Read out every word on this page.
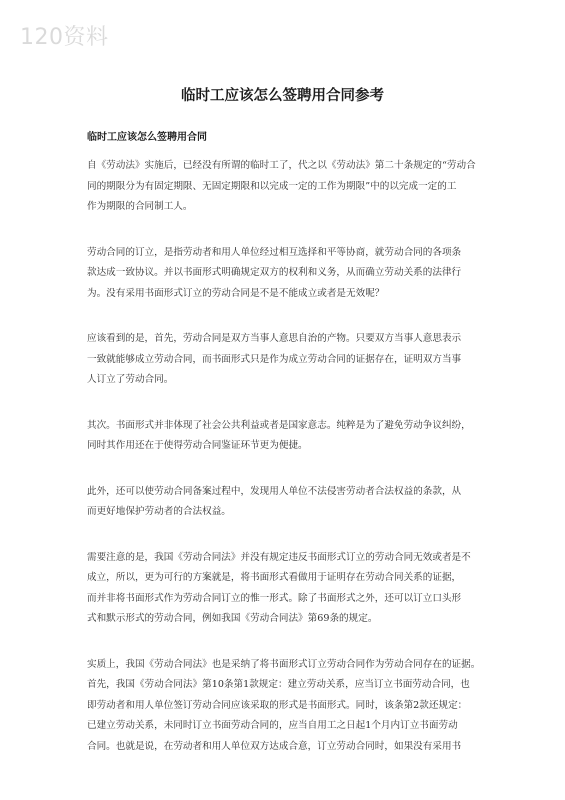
120资料
临时工应该怎么签聘用合同参考
临时工应该怎么签聘用合同
自《劳动法》实施后，已经没有所谓的临时工了，代之以《劳动法》第二十条规定的“劳动合
同的期限分为有固定期限、无固定期限和以完成一定的工作为期限”中的以完成一定的工
作为期限的合同制工人。
劳动合同的订立，是指劳动者和用人单位经过相互选择和平等协商，就劳动合同的各项条
款达成一致协议。并以书面形式明确规定双方的权利和义务，从而确立劳动关系的法律行
为。没有采用书面形式订立的劳动合同是不是不能成立或者是无效呢？
应该看到的是，首先，劳动合同是双方当事人意思自治的产物。只要双方当事人意思表示
一致就能够成立劳动合同，而书面形式只是作为成立劳动合同的证据存在，证明双方当事
人订立了劳动合同。
其次。书面形式并非体现了社会公共利益或者是国家意志。纯粹是为了避免劳动争议纠纷，
同时其作用还在于使得劳动合同鉴证环节更为便捷。
此外，还可以使劳动合同备案过程中，发现用人单位不法侵害劳动者合法权益的条款，从
而更好地保护劳动者的合法权益。
需要注意的是，我国《劳动合同法》并没有规定违反书面形式订立的劳动合同无效或者是不
成立，所以，更为可行的方案就是，将书面形式看做用于证明存在劳动合同关系的证据，
而并非将书面形式作为劳动合同订立的惟一形式。除了书面形式之外，还可以订立口头形
式和默示形式的劳动合同，例如我国《劳动合同法》第69条的规定。
实质上，我国《劳动合同法》也是采纳了将书面形式订立劳动合同作为劳动合同存在的证据。
首先，我国《劳动合同法》第10条第1款规定：建立劳动关系，应当订立书面劳动合同，也
即劳动者和用人单位签订劳动合同应该采取的形式是书面形式。同时，该条第2款还规定：
已建立劳动关系，未同时订立书面劳动合同的，应当自用工之日起1个月内订立书面劳动
合同。也就是说，在劳动者和用人单位双方达成合意，订立劳动合同时，如果没有采用书
